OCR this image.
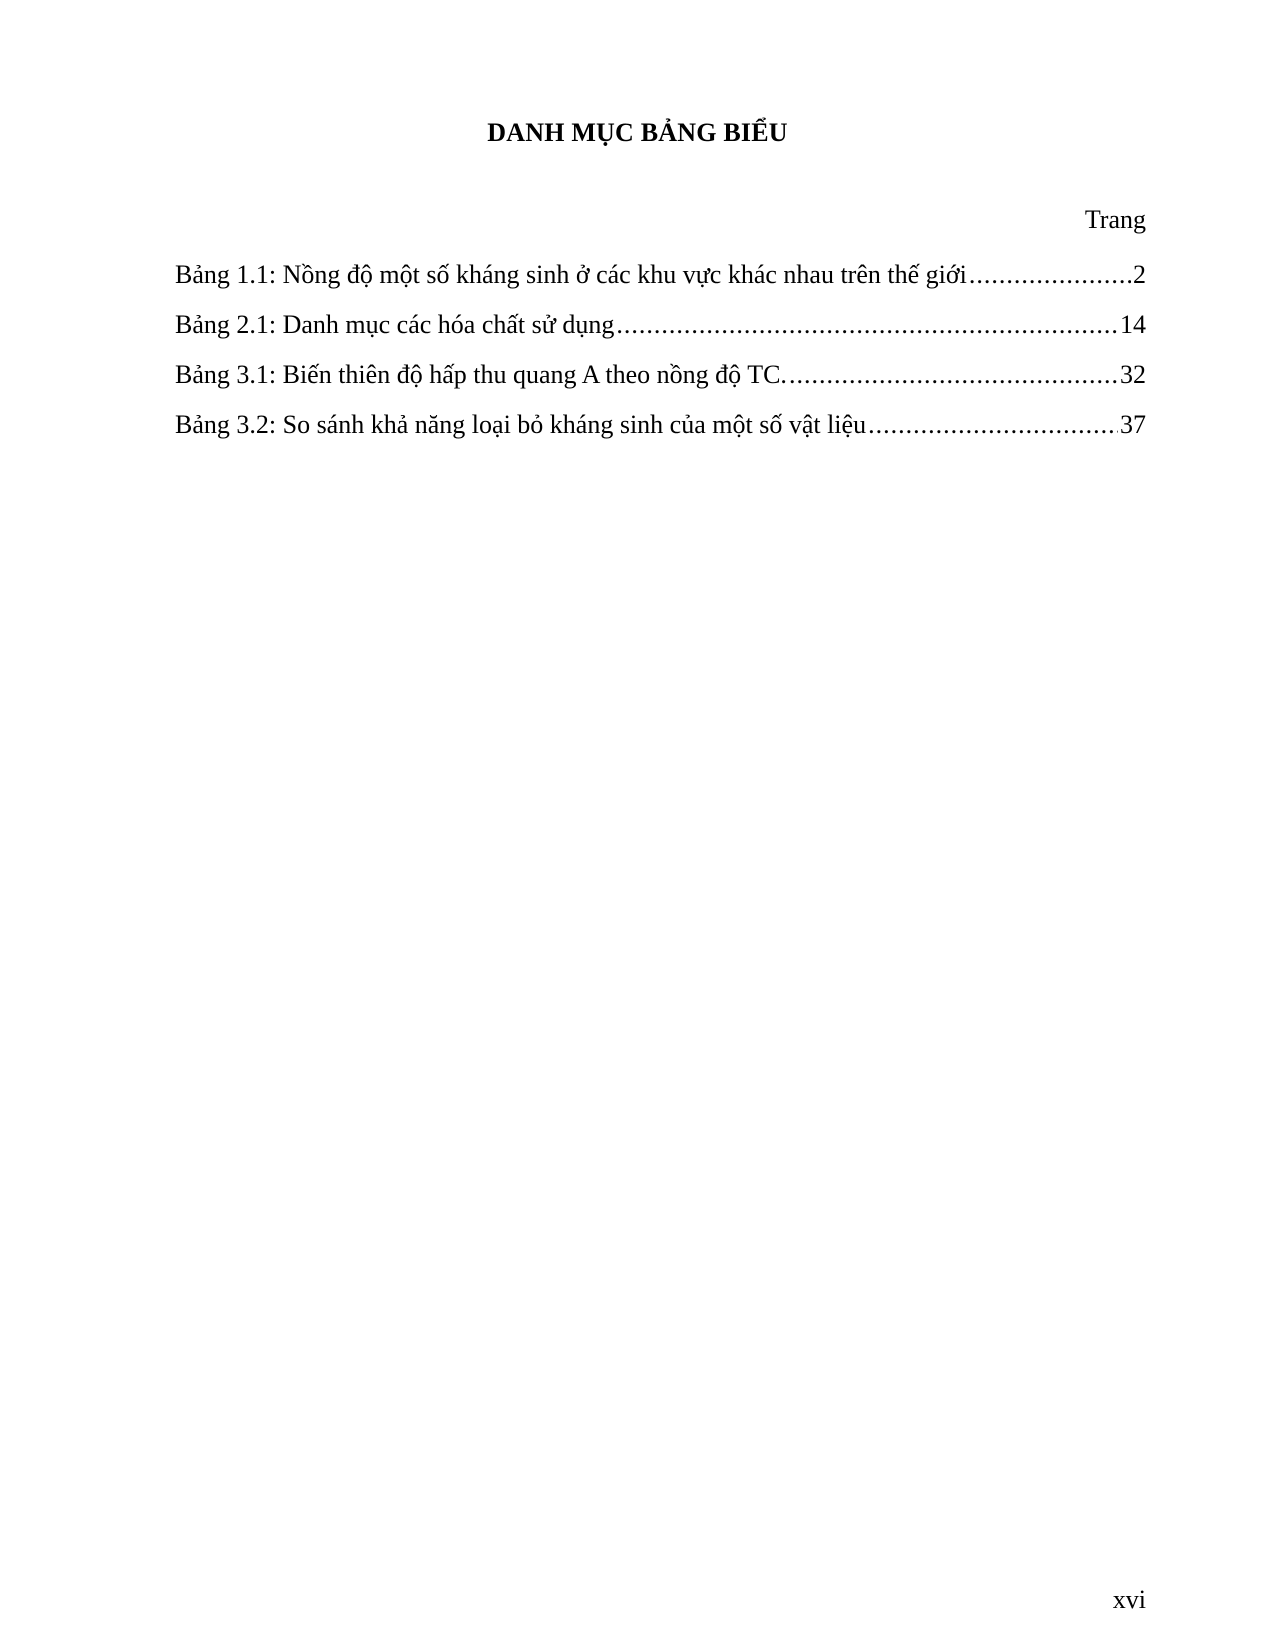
DANH MỤC BẢNG BIỂU
Trang
Bảng 1.1: Nồng độ một số kháng sinh ở các khu vực khác nhau trên thế giới .....	2
Bảng 2.1: Danh mục các hóa chất sử dụng .....	14
Bảng 3.1: Biến thiên độ hấp thu quang A theo nồng độ TC. .....	32
Bảng 3.2: So sánh khả năng loại bỏ kháng sinh của một số vật liệu .....	37
xvi
